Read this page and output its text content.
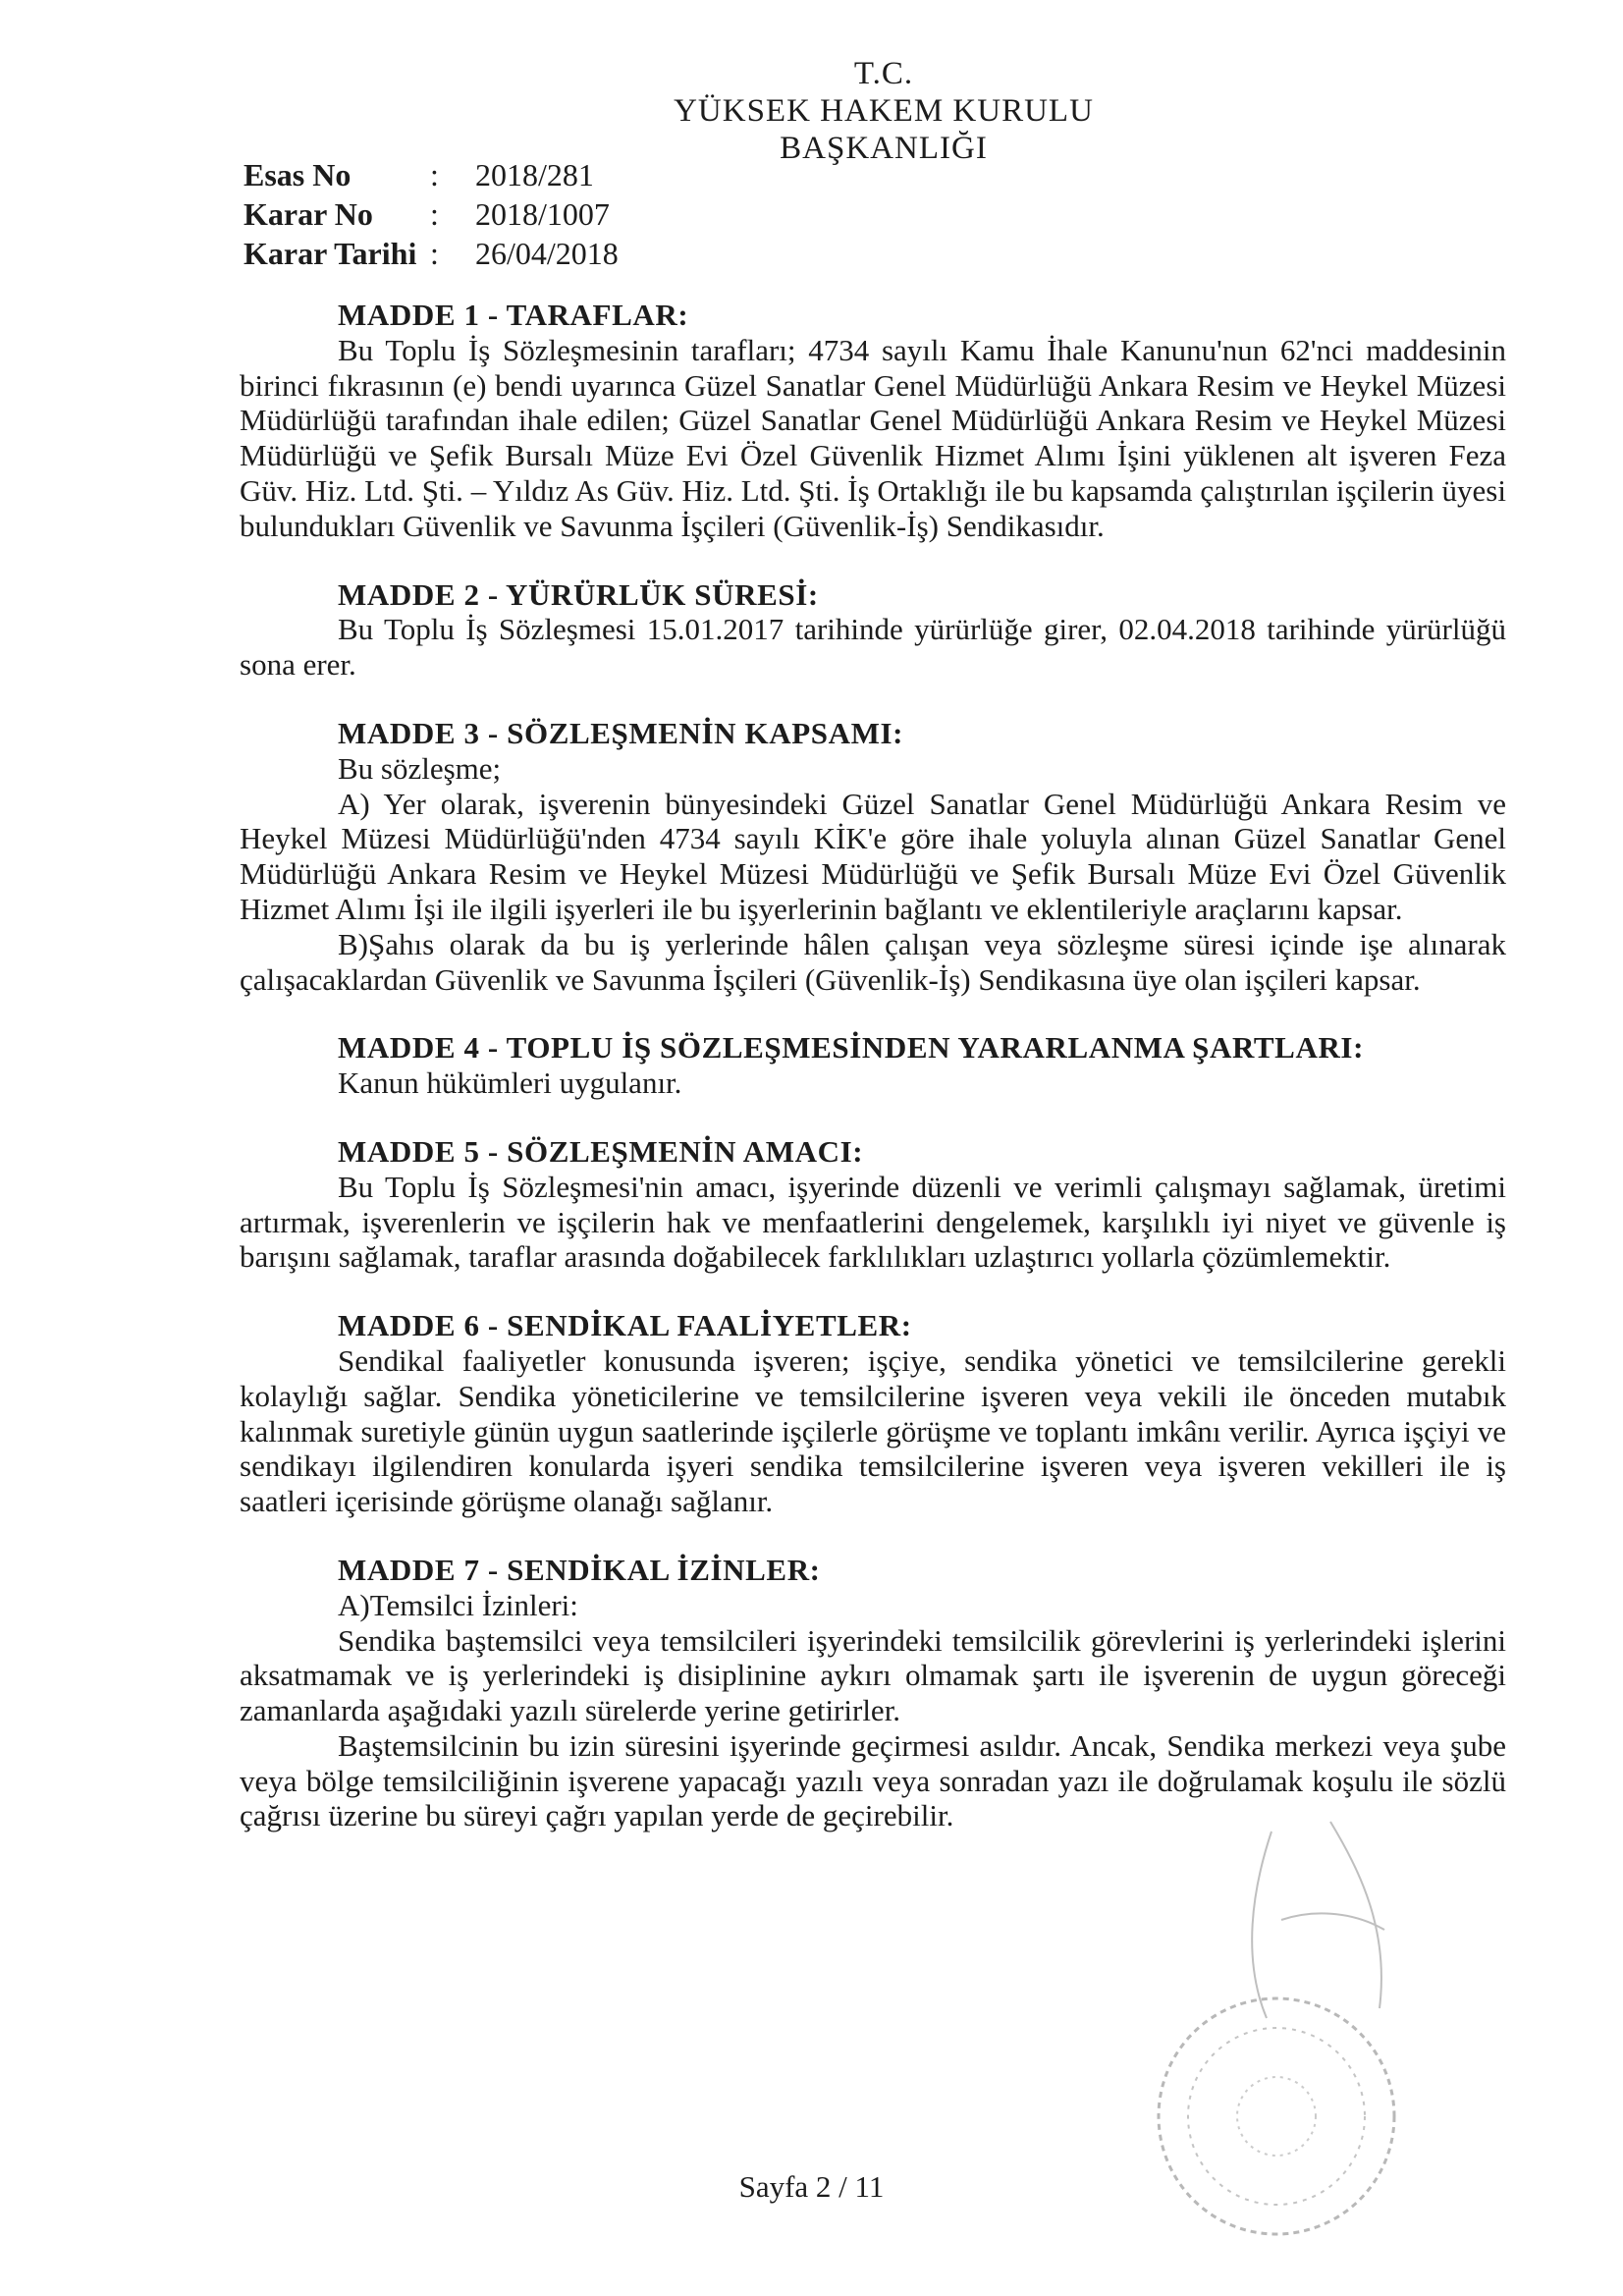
T.C.
YÜKSEK HAKEM KURULU
BAŞKANLIĞI
Esas No	:	2018/281
Karar No	:	2018/1007
Karar Tarihi :	26/04/2018

MADDE 1 - TARAFLAR:

Bu Toplu İş Sözleşmesinin tarafları; 4734 sayılı Kamu İhale Kanunu'nun 62'nci maddesinin birinci fıkrasının (e) bendi uyarınca Güzel Sanatlar Genel Müdürlüğü Ankara Resim ve Heykel Müzesi Müdürlüğü tarafından ihale edilen; Güzel Sanatlar Genel Müdürlüğü Ankara Resim ve Heykel Müzesi Müdürlüğü ve Şefik Bursalı Müze Evi Özel Güvenlik Hizmet Alımı İşini yüklenen alt işveren Feza Güv. Hiz. Ltd. Şti. – Yıldız As Güv. Hiz. Ltd. Şti. İş Ortaklığı ile bu kapsamda çalıştırılan işçilerin üyesi bulundukları Güvenlik ve Savunma İşçileri (Güvenlik-İş) Sendikasıdır.

MADDE 2 - YÜRÜRLÜK SÜRESİ:

Bu Toplu İş Sözleşmesi 15.01.2017 tarihinde yürürlüğe girer, 02.04.2018 tarihinde yürürlüğü sona erer.

MADDE 3 - SÖZLEŞMENİN KAPSAMI:

Bu sözleşme;

A) Yer olarak, işverenin bünyesindeki Güzel Sanatlar Genel Müdürlüğü Ankara Resim ve Heykel Müzesi Müdürlüğü'nden 4734 sayılı KİK'e göre ihale yoluyla alınan Güzel Sanatlar Genel Müdürlüğü Ankara Resim ve Heykel Müzesi Müdürlüğü ve Şefik Bursalı Müze Evi Özel Güvenlik Hizmet Alımı İşi ile ilgili işyerleri ile bu işyerlerinin bağlantı ve eklentileriyle araçlarını kapsar.

B)Şahıs olarak da bu iş yerlerinde hâlen çalışan veya sözleşme süresi içinde işe alınarak çalışacaklardan Güvenlik ve Savunma İşçileri (Güvenlik-İş) Sendikasına üye olan işçileri kapsar.

MADDE 4 - TOPLU İŞ SÖZLEŞMESİNDEN YARARLANMA ŞARTLARI:

Kanun hükümleri uygulanır.

MADDE 5 - SÖZLEŞMENİN AMACI:

Bu Toplu İş Sözleşmesi'nin amacı, işyerinde düzenli ve verimli çalışmayı sağlamak, üretimi artırmak, işverenlerin ve işçilerin hak ve menfaatlerini dengelemek, karşılıklı iyi niyet ve güvenle iş barışını sağlamak, taraflar arasında doğabilecek farklılıkları uzlaştırıcı yollarla çözümlemektir.

MADDE 6 - SENDİKAL FAALİYETLER:

Sendikal faaliyetler konusunda işveren; işçiye, sendika yönetici ve temsilcilerine gerekli kolaylığı sağlar. Sendika yöneticilerine ve temsilcilerine işveren veya vekili ile önceden mutabık kalınmak suretiyle günün uygun saatlerinde işçilerle görüşme ve toplantı imkânı verilir. Ayrıca işçiyi ve sendikayı ilgilendiren konularda işyeri sendika temsilcilerine işveren veya işveren vekilleri ile iş saatleri içerisinde görüşme olanağı sağlanır.

MADDE 7 - SENDİKAL İZİNLER:

A)Temsilci İzinleri:

Sendika baştemsilci veya temsilcileri işyerindeki temsilcilik görevlerini iş yerlerindeki işlerini aksatmamak ve iş yerlerindeki iş disiplinine aykırı olmamak şartı ile işverenin de uygun göreceği zamanlarda aşağıdaki yazılı sürelerde yerine getirirler.

Baştemsilcinin bu izin süresini işyerinde geçirmesi asıldır. Ancak, Sendika merkezi veya şube veya bölge temsilciliğinin işverene yapacağı yazılı veya sonradan yazı ile doğrulamak koşulu ile sözlü çağrısı üzerine bu süreyi çağrı yapılan yerde de geçirebilir.

Sayfa 2 / 11
